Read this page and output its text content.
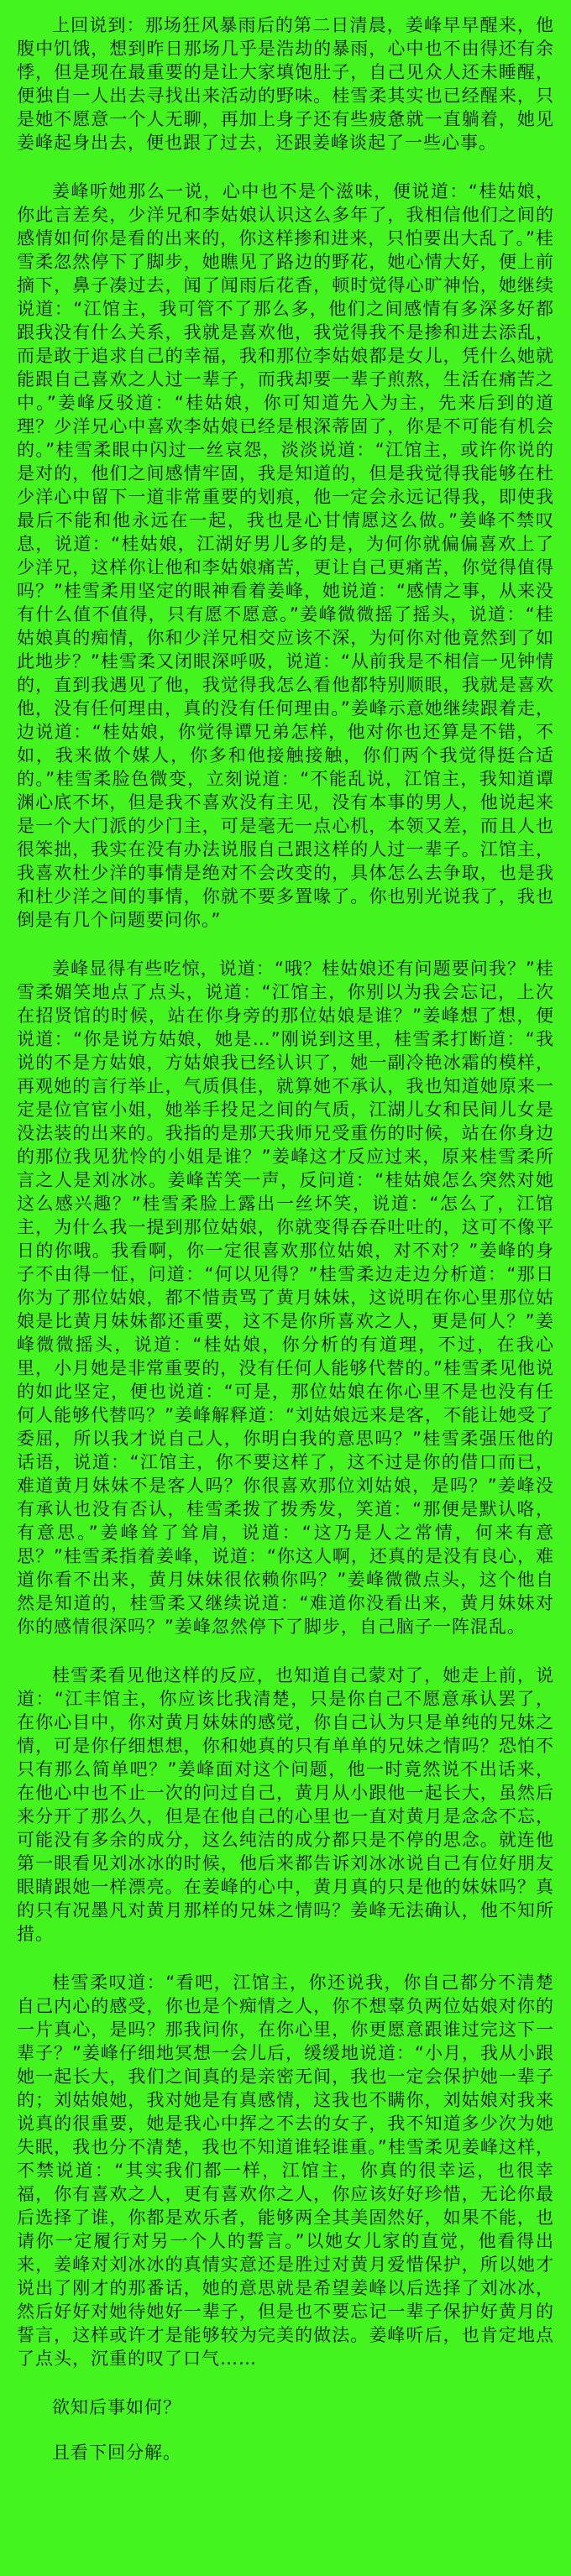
上回说到：那场狂风暴雨后的第二日清晨，姜峰早早醒来，他腹中饥饿，想到昨日那场几乎是浩劫的暴雨，心中也不由得还有余悸，但是现在最重要的是让大家填饱肚子，自己见众人还未睡醒，便独自一人出去寻找出来活动的野味。桂雪柔其实也已经醒来，只是她不愿意一个人无聊，再加上身子还有些疲惫就一直躺着，她见姜峰起身出去，便也跟了过去，还跟姜峰谈起了一些心事。

姜峰听她那么一说，心中也不是个滋味，便说道：“桂姑娘，你此言差矣，少洋兄和李姑娘认识这么多年了，我相信他们之间的感情如何你是看的出来的，你这样掺和进来，只怕要出大乱了。”桂雪柔忽然停下了脚步，她瞧见了路边的野花，她心情大好，便上前摘下，鼻子凑过去，闻了闻雨后花香，顿时觉得心旷神怡，她继续说道：“江馆主，我可管不了那么多，他们之间感情有多深多好都跟我没有什么关系，我就是喜欢他，我觉得我不是掺和进去添乱，而是敢于追求自己的幸福，我和那位李姑娘都是女儿，凭什么她就能跟自己喜欢之人过一辈子，而我却要一辈子煎熬，生活在痛苦之中。”姜峰反驳道：“桂姑娘，你可知道先入为主，先来后到的道理？少洋兄心中喜欢李姑娘已经是根深蒂固了，你是不可能有机会的。”桂雪柔眼中闪过一丝哀怨，淡淡说道：“江馆主，或许你说的是对的，他们之间感情牢固，我是知道的，但是我觉得我能够在杜少洋心中留下一道非常重要的划痕，他一定会永远记得我，即使我最后不能和他永远在一起，我也是心甘情愿这么做。”姜峰不禁叹息，说道：“桂姑娘，江湖好男儿多的是，为何你就偏偏喜欢上了少洋兄，这样你让他和李姑娘痛苦，更让自己更痛苦，你觉得值得吗？”桂雪柔用坚定的眼神看着姜峰，她说道：“感情之事，从来没有什么值不值得，只有愿不愿意。”姜峰微微摇了摇头，说道：“桂姑娘真的痴情，你和少洋兄相交应该不深，为何你对他竟然到了如此地步？”桂雪柔又闭眼深呼吸，说道：“从前我是不相信一见钟情的，直到我遇见了他，我觉得我怎么看他都特别顺眼，我就是喜欢他，没有任何理由，真的没有任何理由。”姜峰示意她继续跟着走，边说道：“桂姑娘，你觉得谭兄弟怎样，他对你也还算是不错，不如，我来做个媒人，你多和他接触接触，你们两个我觉得挺合适的。”桂雪柔脸色微变，立刻说道：“不能乱说，江馆主，我知道谭渊心底不坏，但是我不喜欢没有主见，没有本事的男人，他说起来是一个大门派的少门主，可是毫无一点心机，本领又差，而且人也很笨拙，我实在没有办法说服自己跟这样的人过一辈子。江馆主，我喜欢杜少洋的事情是绝对不会改变的，具体怎么去争取，也是我和杜少洋之间的事情，你就不要多置喙了。你也别光说我了，我也倒是有几个问题要问你。”

姜峰显得有些吃惊，说道：“哦？桂姑娘还有问题要问我？”桂雪柔媚笑地点了点头，说道：“江馆主，你别以为我会忘记，上次在招贤馆的时候，站在你身旁的那位姑娘是谁？”姜峰想了想，便说道：“你是说方姑娘，她是…”刚说到这里，桂雪柔打断道：“我说的不是方姑娘，方姑娘我已经认识了，她一副冷艳冰霜的模样，再观她的言行举止，气质俱佳，就算她不承认，我也知道她原来一定是位官宦小姐，她举手投足之间的气质，江湖儿女和民间儿女是没法装的出来的。我指的是那天我师兄受重伤的时候，站在你身边的那位我见犹怜的小姐是谁？”姜峰这才反应过来，原来桂雪柔所言之人是刘冰冰。姜峰苦笑一声，反问道：“桂姑娘怎么突然对她这么感兴趣？”桂雪柔脸上露出一丝坏笑，说道：“怎么了，江馆主，为什么我一提到那位姑娘，你就变得吞吞吐吐的，这可不像平日的你哦。我看啊，你一定很喜欢那位姑娘，对不对？”姜峰的身子不由得一怔，问道：“何以见得？”桂雪柔边走边分析道：“那日你为了那位姑娘，都不惜责骂了黄月妹妹，这说明在你心里那位姑娘是比黄月妹妹都还重要，这不是你所喜欢之人，更是何人？”姜峰微微摇头，说道：“桂姑娘，你分析的有道理，不过，在我心里，小月她是非常重要的，没有任何人能够代替的。”桂雪柔见他说的如此坚定，便也说道：“可是，那位姑娘在你心里不是也没有任何人能够代替吗？”姜峰解释道：“刘姑娘远来是客，不能让她受了委屈，所以我才说自己人，你明白我的意思吗？”桂雪柔强压他的话语，说道：“江馆主，你不要这样了，这不过是你的借口而已，难道黄月妹妹不是客人吗？你很喜欢那位刘姑娘，是吗？”姜峰没有承认也没有否认，桂雪柔拨了拨秀发，笑道：“那便是默认咯，有意思。”姜峰耸了耸肩，说道：“这乃是人之常情，何来有意思？”桂雪柔指着姜峰，说道：“你这人啊，还真的是没有良心，难道你看不出来，黄月妹妹很依赖你吗？”姜峰微微点头，这个他自然是知道的，桂雪柔又继续说道：“难道你没看出来，黄月妹妹对你的感情很深吗？”姜峰忽然停下了脚步，自己脑子一阵混乱。

桂雪柔看见他这样的反应，也知道自己蒙对了，她走上前，说道：“江丰馆主，你应该比我清楚，只是你自己不愿意承认罢了，在你心目中，你对黄月妹妹的感觉，你自己认为只是单纯的兄妹之情，可是你仔细想想，你和她真的只有单单的兄妹之情吗？恐怕不只有那么简单吧？”姜峰面对这个问题，他一时竟然说不出话来，在他心中也不止一次的问过自己，黄月从小跟他一起长大，虽然后来分开了那么久，但是在他自己的心里也一直对黄月是念念不忘，可能没有多余的成分，这么纯洁的成分都只是不停的思念。就连他第一眼看见刘冰冰的时候，他后来都告诉刘冰冰说自己有位好朋友眼睛跟她一样漂亮。在姜峰的心中，黄月真的只是他的妹妹吗？真的只有况墨凡对黄月那样的兄妹之情吗？姜峰无法确认，他不知所措。

桂雪柔叹道：“看吧，江馆主，你还说我，你自己都分不清楚自己内心的感受，你也是个痴情之人，你不想辜负两位姑娘对你的一片真心，是吗？那我问你，在你心里，你更愿意跟谁过完这下一辈子？”姜峰仔细地冥想一会儿后，缓缓地说道：“小月，我从小跟她一起长大，我们之间真的是亲密无间，我也一定会保护她一辈子的；刘姑娘她，我对她是有真感情，这我也不瞒你，刘姑娘对我来说真的很重要，她是我心中挥之不去的女子，我不知道多少次为她失眠，我也分不清楚，我也不知道谁轻谁重。”桂雪柔见姜峰这样，不禁说道：“其实我们都一样，江馆主，你真的很幸运，也很幸福，你有喜欢之人，更有喜欢你之人，你应该好好珍惜，无论你最后选择了谁，你都是欢乐者，能够两全其美固然好，如果不能，也请你一定履行对另一个人的誓言。”以她女儿家的直觉，他看得出来，姜峰对刘冰冰的真情实意还是胜过对黄月爱惜保护，所以她才说出了刚才的那番话，她的意思就是希望姜峰以后选择了刘冰冰，然后好好对她待她好一辈子，但是也不要忘记一辈子保护好黄月的誓言，这样或许才是能够较为完美的做法。姜峰听后，也肯定地点了点头，沉重的叹了口气……

欲知后事如何？

且看下回分解。
